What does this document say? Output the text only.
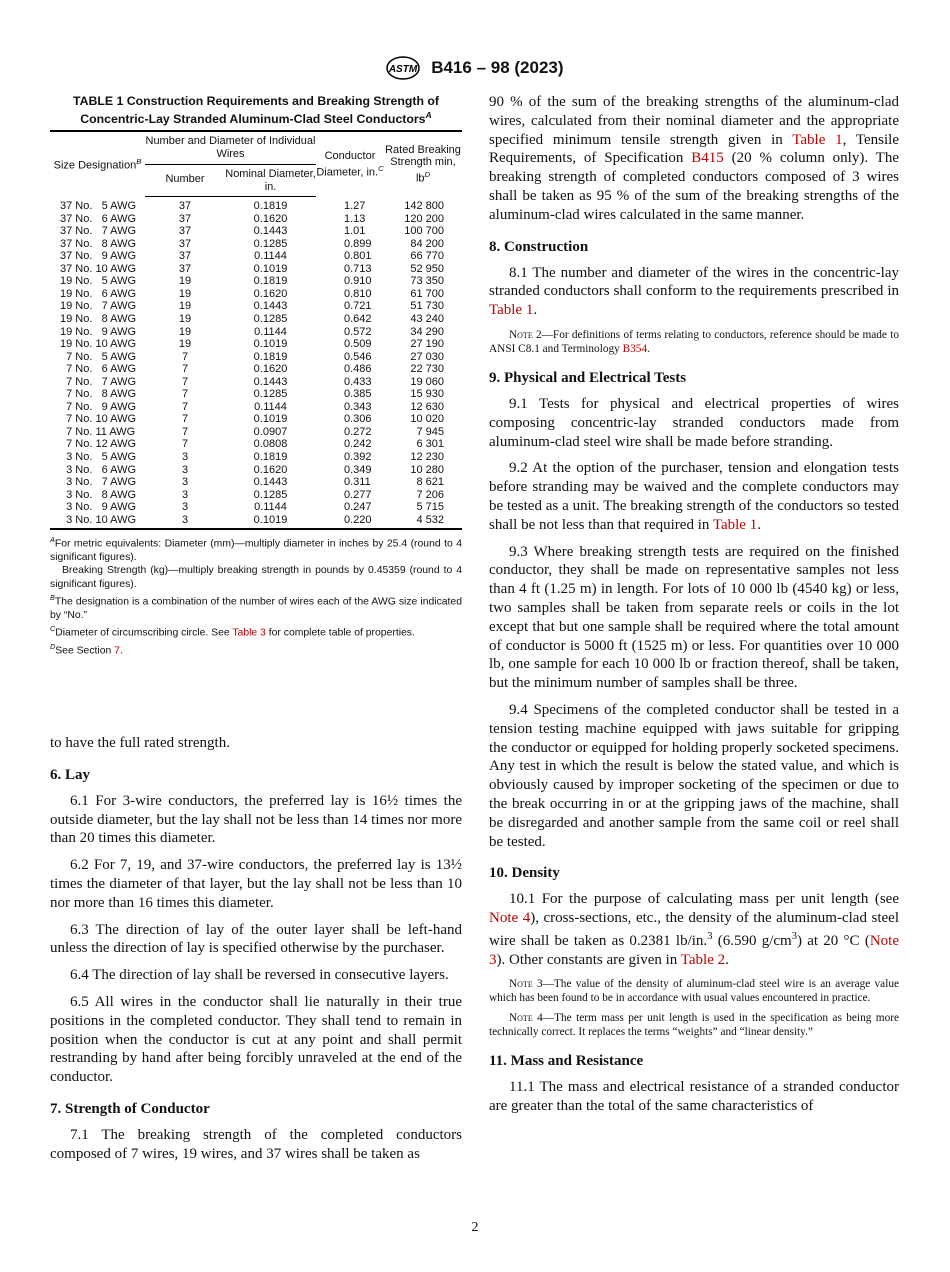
ASTM B416 – 98 (2023)
TABLE 1 Construction Requirements and Breaking Strength of Concentric-Lay Stranded Aluminum-Clad Steel Conductors$^A$
Size Designation$^B$	Number and Diameter of Individual Wires		Conductor Diameter, in.$^C$	Rated Breaking Strength min, $lb^D$
	Number	Nominal Diameter, in.		
37 No.   5 AWG	37	0.1819	1.27	142 800
37 No.   6 AWG	37	0.1620	1.13	120 200
37 No.   7 AWG	37	0.1443	1.01	100 700
37 No.   8 AWG	37	0.1285	0.899	84 200
37 No.   9 AWG	37	0.1144	0.801	66 770
37 No. 10 AWG	37	0.1019	0.713	52 950
19 No.   5 AWG	19	0.1819	0.910	73 350
19 No.   6 AWG	19	0.1620	0.810	61 700
19 No.   7 AWG	19	0.1443	0.721	51 730
19 No.   8 AWG	19	0.1285	0.642	43 240
19 No.   9 AWG	19	0.1144	0.572	34 290
19 No. 10 AWG	19	0.1019	0.509	27 190
7 No.   5 AWG	7	0.1819	0.546	27 030
7 No.   6 AWG	7	0.1620	0.486	22 730
7 No.   7 AWG	7	0.1443	0.433	19 060
7 No.   8 AWG	7	0.1285	0.385	15 930
7 No.   9 AWG	7	0.1144	0.343	12 630
7 No. 10 AWG	7	0.1019	0.306	10 020
7 No. 11 AWG	7	0.0907	0.272	7 945
7 No. 12 AWG	7	0.0808	0.242	6 301
3 No.   5 AWG	3	0.1819	0.392	12 230
3 No.   6 AWG	3	0.1620	0.349	10 280
3 No.   7 AWG	3	0.1443	0.311	8 621
3 No.   8 AWG	3	0.1285	0.277	7 206
3 No.   9 AWG	3	0.1144	0.247	5 715
3 No. 10 AWG	3	0.1019	0.220	4 532

$^A$For metric equivalents: Diameter (mm)—multiply diameter in inches by 25.4 (round to 4 significant figures).

Breaking Strength (kg)—multiply breaking strength in pounds by 0.45359 (round to 4 significant figures).

$^B$The designation is a combination of the number of wires each of the AWG size indicated by “No.”

$^C$Diameter of circumscribing circle. See Table 3 for complete table of properties.

$^D$See Section 7.

to have the full rated strength.

6. Lay

6.1 For 3-wire conductors, the preferred lay is 16½ times the outside diameter, but the lay shall not be less than 14 times nor more than 20 times this diameter.

6.2 For 7, 19, and 37-wire conductors, the preferred lay is 13½ times the diameter of that layer, but the lay shall not be less than 10 nor more than 16 times this diameter.

6.3 The direction of lay of the outer layer shall be left-hand unless the direction of lay is specified otherwise by the purchaser.

6.4 The direction of lay shall be reversed in consecutive layers.

6.5 All wires in the conductor shall lie naturally in their true positions in the completed conductor. They shall tend to remain in position when the conductor is cut at any point and shall permit restranding by hand after being forcibly unraveled at the end of the conductor.

7. Strength of Conductor

7.1 The breaking strength of the completed conductors composed of 7 wires, 19 wires, and 37 wires shall be taken as

90 % of the sum of the breaking strengths of the aluminum-clad wires, calculated from their nominal diameter and the appropriate specified minimum tensile strength given in Table 1, Tensile Requirements, of Specification B415 (20 % column only). The breaking strength of completed conductors composed of 3 wires shall be taken as 95 % of the sum of the breaking strengths of the aluminum-clad wires calculated in the same manner.

8. Construction

8.1 The number and diameter of the wires in the concentric-lay stranded conductors shall conform to the requirements prescribed in Table 1.

Note 2—For definitions of terms relating to conductors, reference should be made to ANSI C8.1 and Terminology B354.

9. Physical and Electrical Tests

9.1 Tests for physical and electrical properties of wires composing concentric-lay stranded conductors made from aluminum-clad steel wire shall be made before stranding.

9.2 At the option of the purchaser, tension and elongation tests before stranding may be waived and the complete conductors may be tested as a unit. The breaking strength of the conductors so tested shall be not less than that required in Table 1.

9.3 Where breaking strength tests are required on the finished conductor, they shall be made on representative samples not less than 4 ft (1.25 m) in length. For lots of 10 000 lb (4540 kg) or less, two samples shall be taken from separate reels or coils in the lot except that but one sample shall be required where the total amount of conductor is 5000 ft (1525 m) or less. For quantities over 10 000 lb, one sample for each 10 000 lb or fraction thereof, shall be taken, but the minimum number of samples shall be three.

9.4 Specimens of the completed conductor shall be tested in a tension testing machine equipped with jaws suitable for gripping the conductor or equipped for holding properly socketed specimens. Any test in which the result is below the stated value, and which is obviously caused by improper socketing of the specimen or due to the break occurring in or at the gripping jaws of the machine, shall be disregarded and another sample from the same coil or reel shall be tested.

10. Density

10.1 For the purpose of calculating mass per unit length (see Note 4), cross-sections, etc., the density of the aluminum-clad steel wire shall be taken as 0.2381 lb/in.$^3$ (6.590 $g/cm^3$) at 20 °C (Note 3). Other constants are given in Table 2.

Note 3—The value of the density of aluminum-clad steel wire is an average value which has been found to be in accordance with usual values encountered in practice.

Note 4—The term mass per unit length is used in the specification as being more technically correct. It replaces the terms “weights” and “linear density.”

11. Mass and Resistance

11.1 The mass and electrical resistance of a stranded conductor are greater than the total of the same characteristics of

2
